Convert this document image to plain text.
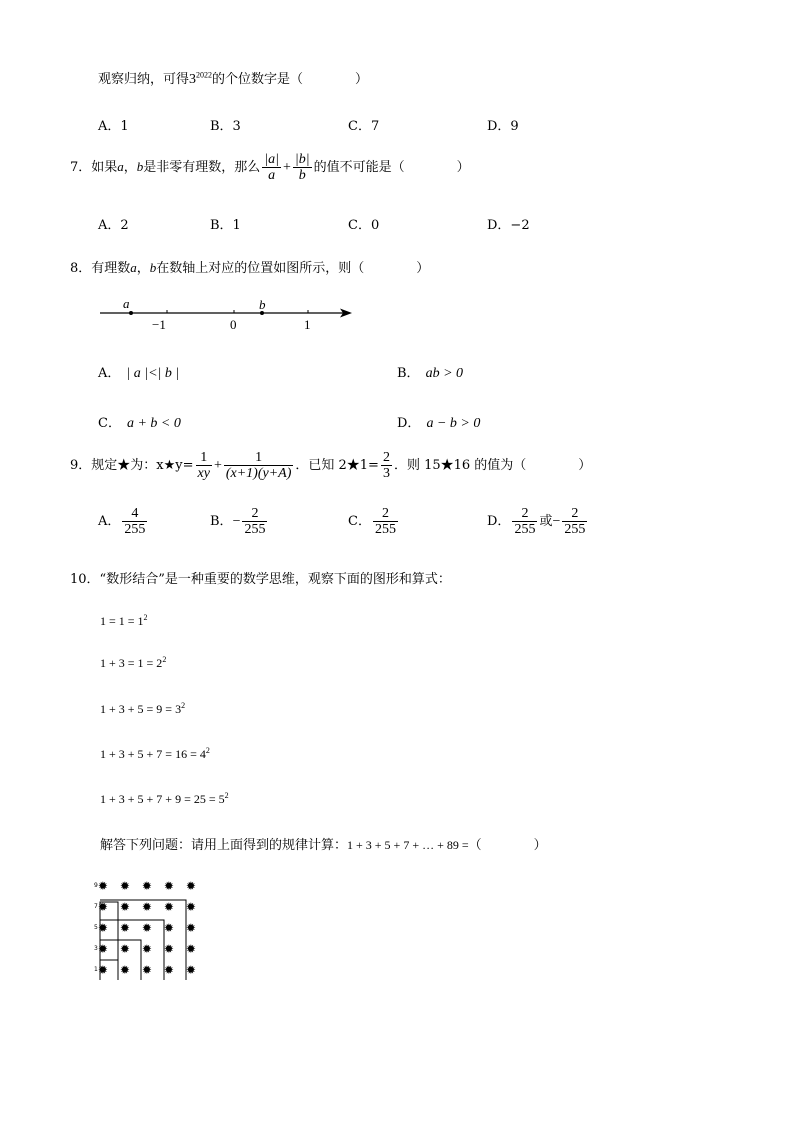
观察归纳，可得$3^{2022}$的个位数字是（　　　　）
A．1	B．3	C．7	D．9
7．如果a，b是非零有理数，那么 $\frac{|a|}{a} + \frac{|b|}{b}$ 的值不可能是（　　　　）
A．2	B．1	C．0	D．−2
8．有理数a，b在数轴上对应的位置如图所示，则（　　　　）
a	b
−1	0	1
A． | a |<| b |	B． ab > 0
C． a + b < 0	D． a − b > 0
9．规定★为：x★y= $\frac{1}{xy} + \frac{1}{(x+1)(y+A)}$ ．已知 2★1= $\frac{2}{3}$ ．则 15★16 的值为（　　　　）
A． $\frac{4}{255}$	B．− $\frac{2}{255}$	C． $\frac{2}{255}$	D． $\frac{2}{255}$ 或− $\frac{2}{255}$
10．“数形结合”是一种重要的数学思维，观察下面的图形和算式：
$1 = 1 = 1^2$
$1 + 3 = 1 = 2^2$
$1 + 3 + 5 = 9 = 3^2$
$1 + 3 + 5 + 7 = 16 = 4^2$
$1 + 3 + 5 + 7 + 9 = 25 = 5^2$
解答下列问题：请用上面得到的规律计算：1 + 3 + 5 + 7 + … + 89 =（　　　　）
$^9$✹ ✹ ✹ ✹ ✹
$^7$✹ ✹ ✹ ✹ ✹
$^5$✹ ✹ ✹ ✹ ✹
$^3$✹ ✹ ✹ ✹ ✹
$^1$✹ ✹ ✹ ✹ ✹
